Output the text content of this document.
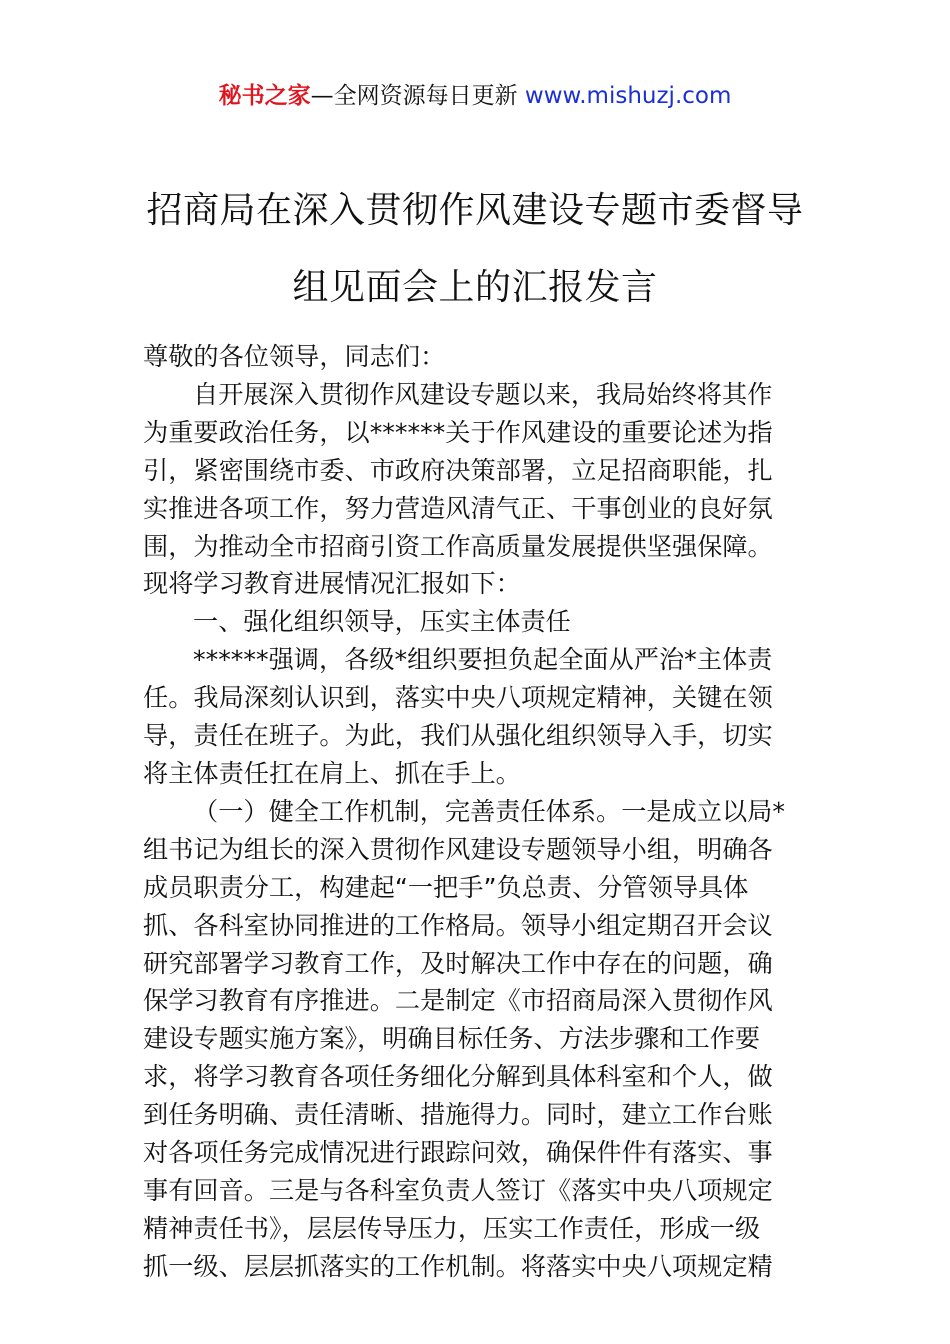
秘书之家—全网资源每日更新 www.mishuzj.com
招商局在深入贯彻作风建设专题市委督导
组见面会上的汇报发言
尊敬的各位领导，同志们：
自开展深入贯彻作风建设专题以来，我局始终将其作
为重要政治任务，以******关于作风建设的重要论述为指
引，紧密围绕市委、市政府决策部署，立足招商职能，扎
实推进各项工作，努力营造风清气正、干事创业的良好氛
围，为推动全市招商引资工作高质量发展提供坚强保障。
现将学习教育进展情况汇报如下：
一、强化组织领导，压实主体责任
******强调，各级*组织要担负起全面从严治*主体责
任。我局深刻认识到，落实中央八项规定精神，关键在领
导，责任在班子。为此，我们从强化组织领导入手，切实
将主体责任扛在肩上、抓在手上。
（一）健全工作机制，完善责任体系。一是成立以局*
组书记为组长的深入贯彻作风建设专题领导小组，明确各
成员职责分工，构建起“一把手”负总责、分管领导具体
抓、各科室协同推进的工作格局。领导小组定期召开会议
研究部署学习教育工作，及时解决工作中存在的问题，确
保学习教育有序推进。二是制定《市招商局深入贯彻作风
建设专题实施方案》，明确目标任务、方法步骤和工作要
求，将学习教育各项任务细化分解到具体科室和个人，做
到任务明确、责任清晰、措施得力。同时，建立工作台账
对各项任务完成情况进行跟踪问效，确保件件有落实、事
事有回音。三是与各科室负责人签订《落实中央八项规定
精神责任书》，层层传导压力，压实工作责任，形成一级
抓一级、层层抓落实的工作机制。将落实中央八项规定精
